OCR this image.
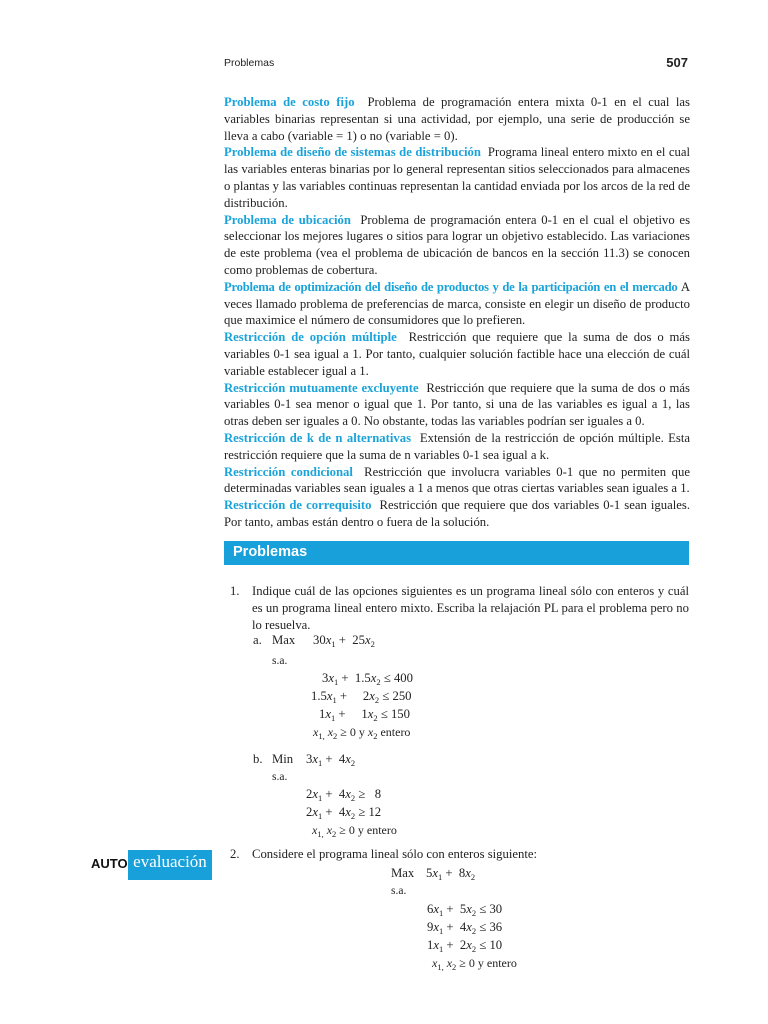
Problemas	507

Problema de costo fijo Problema de programación entera mixta 0-1 en el cual las variables binarias representan si una actividad, por ejemplo, una serie de producción se lleva a cabo (variable = 1) o no (variable = 0).

Problema de diseño de sistemas de distribución Programa lineal entero mixto en el cual las variables enteras binarias por lo general representan sitios seleccionados para almacenes o plantas y las variables continuas representan la cantidad enviada por los arcos de la red de distribución.

Problema de ubicación Problema de programación entera 0-1 en el cual el objetivo es seleccionar los mejores lugares o sitios para lograr un objetivo establecido. Las variaciones de este problema (vea el problema de ubicación de bancos en la sección 11.3) se conocen como problemas de cobertura.

Problema de optimización del diseño de productos y de la participación en el mercado A veces llamado problema de preferencias de marca, consiste en elegir un diseño de producto que maximice el número de consumidores que lo prefieren.

Restricción de opción múltiple Restricción que requiere que la suma de dos o más variables 0-1 sea igual a 1. Por tanto, cualquier solución factible hace una elección de cuál variable establecer igual a 1.

Restricción mutuamente excluyente Restricción que requiere que la suma de dos o más variables 0-1 sea menor o igual que 1. Por tanto, si una de las variables es igual a 1, las otras deben ser iguales a 0. No obstante, todas las variables podrían ser iguales a 0.

Restricción de k de n alternativas Extensión de la restricción de opción múltiple. Esta restricción requiere que la suma de n variables 0-1 sea igual a k.

Restricción condicional Restricción que involucra variables 0-1 que no permiten que determinadas variables sean iguales a 1 a menos que otras ciertas variables sean iguales a 1.

Restricción de correquisito Restricción que requiere que dos variables 0-1 sean iguales. Por tanto, ambas están dentro o fuera de la solución.

Problemas
1. Indique cuál de las opciones siguientes es un programa lineal sólo con enteros y cuál es un programa lineal entero mixto. Escriba la relajación PL para el problema pero no lo resuelva.
a. Max $30x_1 + 25x_2$
s.a.
$3x_1 + 1.5x_2 \le 400$
$1.5x_1$ +     $2x_2 \le 250$
$1x_1$ +     $1x_2 \le 150$
$x_{1,}$ $x_2 \ge 0$ y $x_2$ entero
b. Min $3x_1 + 4x_2$
s.a.
$2x_1 + 4x_2 \ge 8$
$2x_1 + 4x_2 \ge 12$
$x_{1,}$ $x_2 \ge 0$ y entero
AUTO evaluación	2. Considere el programa lineal sólo con enteros siguiente:
Max $5x_1 + 8x_2$
s.a.
$6x_1 + 5x_2 \le 30$
$9x_1 + 4x_2 \le 36$
$1x_1 + 2x_2 \le 10$
$x_{1,}$ $x_2 \ge 0$ y entero
